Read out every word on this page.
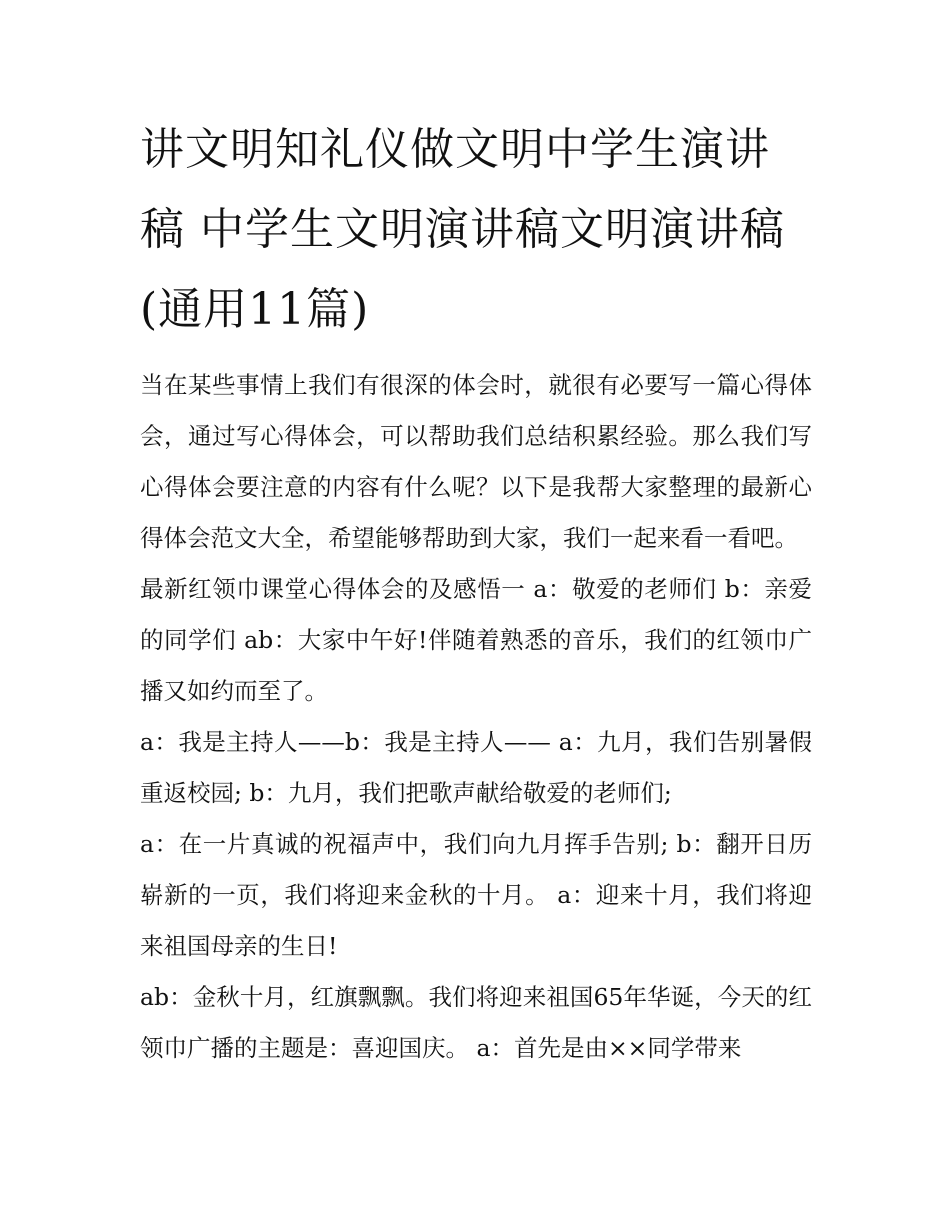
讲文明知礼仪做文明中学生演讲稿 中学生文明演讲稿文明演讲稿(通用11篇)

当在某些事情上我们有很深的体会时，就很有必要写一篇心得体会，通过写心得体会，可以帮助我们总结积累经验。那么我们写心得体会要注意的内容有什么呢？以下是我帮大家整理的最新心得体会范文大全，希望能够帮助到大家，我们一起来看一看吧。

最新红领巾课堂心得体会的及感悟一 a：敬爱的老师们 b：亲爱的同学们 ab：大家中午好!伴随着熟悉的音乐，我们的红领巾广播又如约而至了。

a：我是主持人——b：我是主持人—— a：九月，我们告别暑假重返校园; b：九月，我们把歌声献给敬爱的老师们;

a：在一片真诚的祝福声中，我们向九月挥手告别; b：翻开日历崭新的一页，我们将迎来金秋的十月。 a：迎来十月，我们将迎来祖国母亲的生日!

ab：金秋十月，红旗飘飘。我们将迎来祖国65年华诞，今天的红领巾广播的主题是：喜迎国庆。 a：首先是由××同学带来
